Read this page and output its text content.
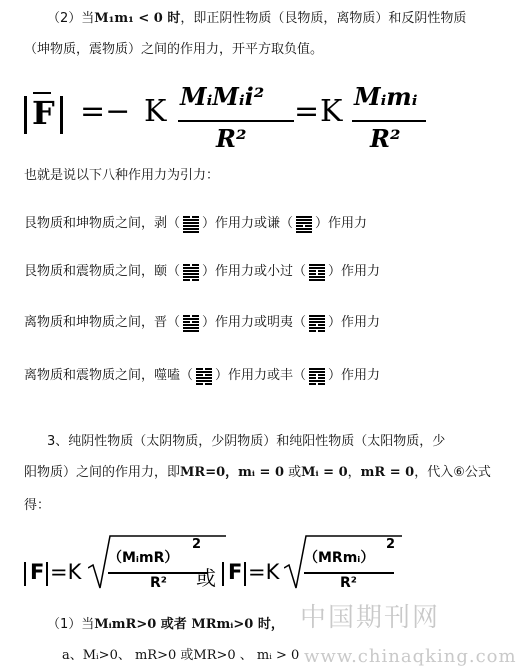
（2）当M₁m₁ < 0 时，即正阴性物质（艮物质，离物质）和反阴性物质
（坤物质，震物质）之间的作用力，开平方取负值。
F =− K MᵢMᵢi²
R²
= K Mᵢmᵢ
R²
也就是说以下八种作用力为引力：
艮物质和坤物质之间，剥（ ）作用力或谦（ ）作用力
艮物质和震物质之间，颐（ ）作用力或小过（ ）作用力
离物质和坤物质之间，晋（ ）作用力或明夷（ ）作用力
离物质和震物质之间，噬嗑（ ）作用力或丰（ ）作用力
3、纯阴性物质（太阴物质，少阴物质）和纯阳性物质（太阳物质，少
阳物质）之间的作用力，即MR=0，mᵢ = 0 或Mᵢ = 0，mR = 0，代入⑥公式
得：
F =K
（MᵢmR）
2
R² 或 F =K
（MRmᵢ）
2
R²
（1）当MᵢmR>0 或者 MRmᵢ>0 时，
a、Mᵢ>0、 mR>0 或MR>0 、 mᵢ > 0
中国期刊网
www.chinaqking.com
